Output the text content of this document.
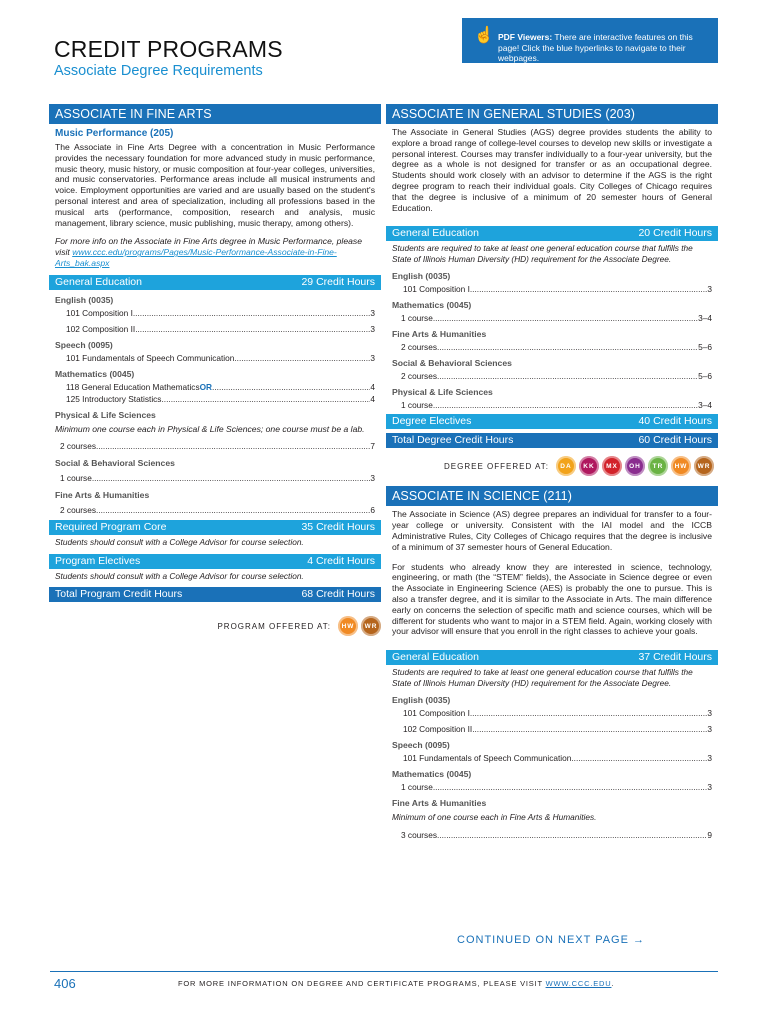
CREDIT PROGRAMS
Associate Degree Requirements
☝ PDF Viewers: There are interactive features on this page! Click the blue hyperlinks to navigate to their webpages.
ASSOCIATE IN FINE ARTS
Music Performance (205)
The Associate in Fine Arts Degree with a concentration in Music Performance provides the necessary foundation for more advanced study in music performance, music theory, music history, or music composition at four-year colleges, universities, and music conservatories. Performance areas include all musical instruments and voice. Employment opportunities are varied and are usually based on the student's personal interest and area of specialization, including all professions based in the musical arts (performance, composition, research and analysis, music management, library science, music publishing, music therapy, among others).
For more info on the Associate in Fine Arts degree in Music Performance, please visit www.ccc.edu/programs/Pages/Music-Performance-Associate-in-Fine-Arts_bak.aspx
General Education	29 Credit Hours
English (0035)
101 Composition I .....	3
102 Composition II .....	3
Speech (0095)
101 Fundamentals of Speech Communication .....	3
Mathematics (0045)
118 General Education Mathematics OR .....	4
125 Introductory Statistics .....	4
Physical & Life Sciences
Minimum one course each in Physical & Life Sciences; one course must be a lab.
2 courses .....	7
Social & Behavioral Sciences
1 course .....	3
Fine Arts & Humanities
2 courses .....	6
Required Program Core	35 Credit Hours
Students should consult with a College Advisor for course selection.
Program Electives	4 Credit Hours
Students should consult with a College Advisor for course selection.
Total Program Credit Hours	68 Credit Hours
PROGRAM OFFERED AT:	HW	WR
ASSOCIATE IN GENERAL STUDIES (203)
The Associate in General Studies (AGS) degree provides students the ability to explore a broad range of college-level courses to develop new skills or investigate a personal interest. Courses may transfer individually to a four-year university, but the degree as a whole is not designed for transfer or as an occupational degree. Students should work closely with an advisor to determine if the AGS is the right degree program to reach their individual goals. City Colleges of Chicago requires that the degree is inclusive of a minimum of 20 semester hours of General Education.
General Education	20 Credit Hours
Students are required to take at least one general education course that fulfills the State of Illinois Human Diversity (HD) requirement for the Associate Degree.
English (0035)
101 Composition I .....	3
Mathematics (0045)
1 course .....	3–4
Fine Arts & Humanities
2 courses .....	5–6
Social & Behavioral Sciences
2 courses .....	5–6
Physical & Life Sciences
1 course .....	3–4
Degree Electives	40 Credit Hours
Total Degree Credit Hours	60 Credit Hours
DEGREE OFFERED AT:	DA	KK	MX	OH	TR	HW	WR
ASSOCIATE IN SCIENCE (211)
The Associate in Science (AS) degree prepares an individual for transfer to a four-year college or university. Consistent with the IAI model and the ICCB Administrative Rules, City Colleges of Chicago requires that the degree is inclusive of a minimum of 37 semester hours of General Education.
For students who already know they are interested in science, technology, engineering, or math (the “STEM” fields), the Associate in Science degree or even the Associate in Engineering Science (AES) is probably the one to pursue. This is also a transfer degree, and it is similar to the Associate in Arts. The main difference early on concerns the selection of specific math and science courses, which will be different for students who want to major in a STEM field. Again, working closely with your advisor will ensure that you enroll in the right classes to achieve your goals.
General Education	37 Credit Hours
Students are required to take at least one general education course that fulfills the State of Illinois Human Diversity (HD) requirement for the Associate Degree.
English (0035)
101 Composition I .....	3
102 Composition II .....	3
Speech (0095)
101 Fundamentals of Speech Communication .....	3
Mathematics (0045)
1 course .....	3
Fine Arts & Humanities
Minimum of one course each in Fine Arts & Humanities.
3 courses .....	9
CONTINUED ON NEXT PAGE →
406	FOR MORE INFORMATION ON DEGREE AND CERTIFICATE PROGRAMS, PLEASE VISIT WWW.CCC.EDU.
